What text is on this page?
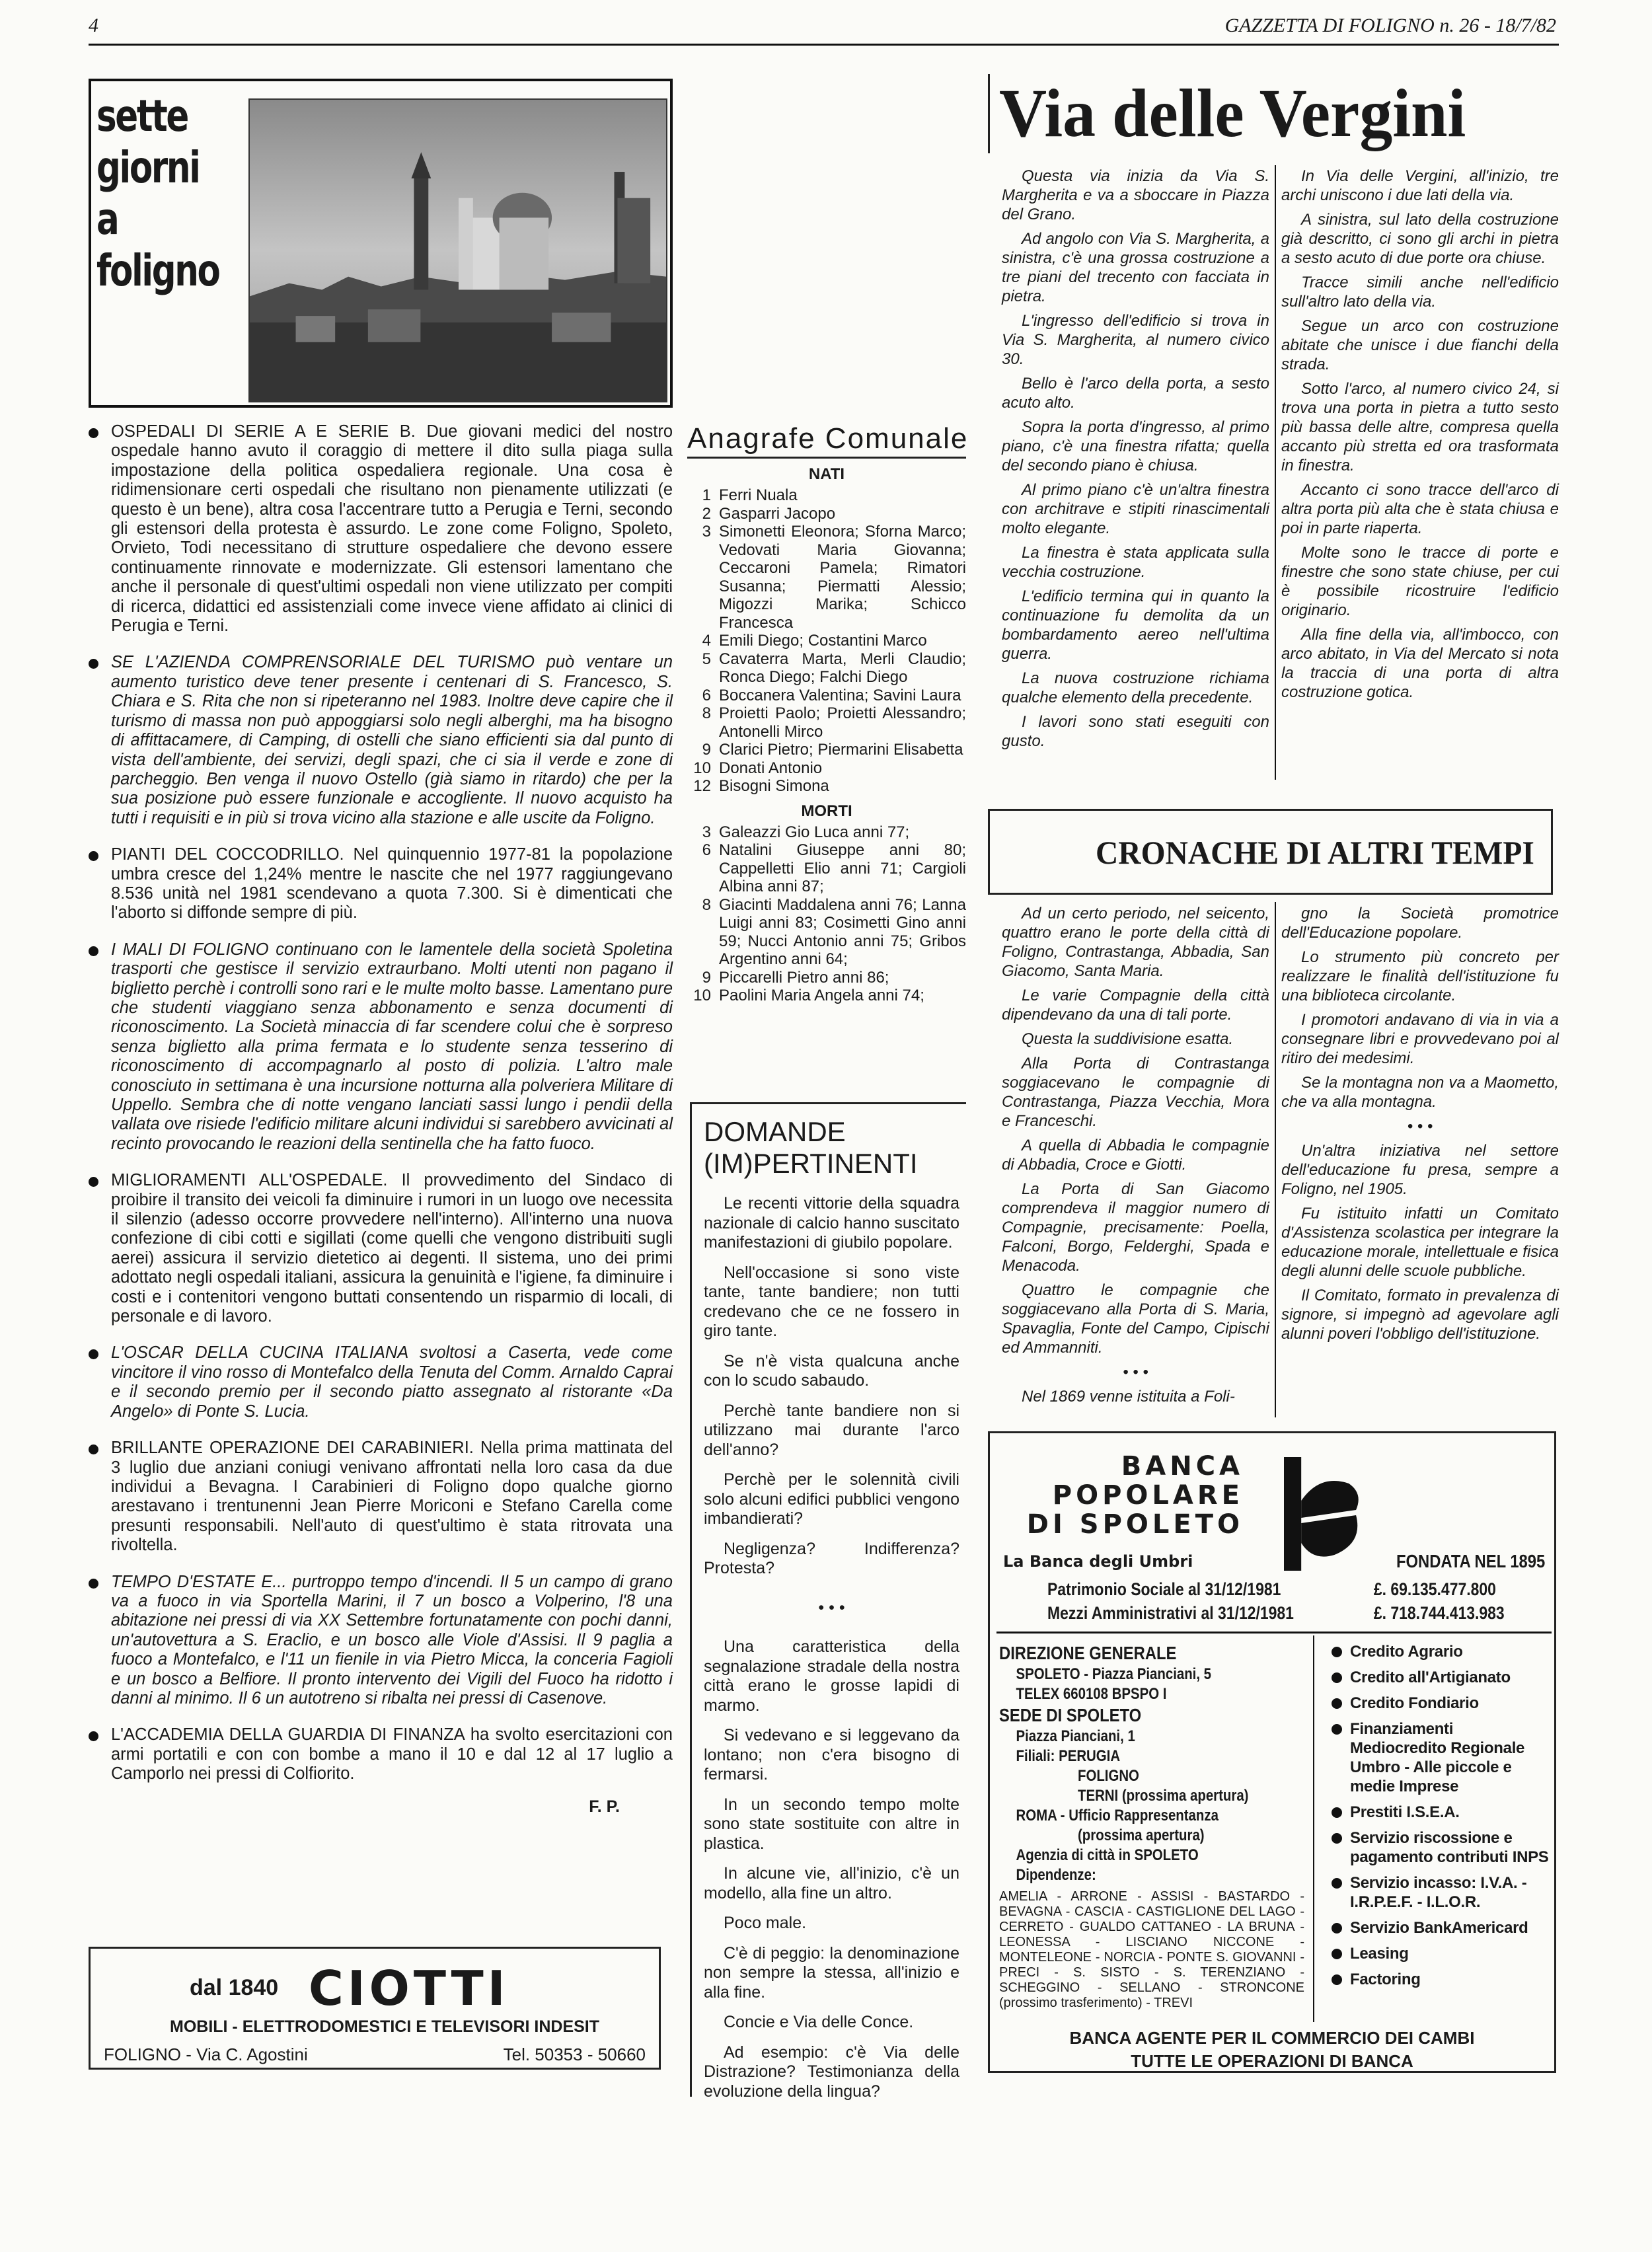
4	GAZZETTA DI FOLIGNO n. 26 - 18/7/82
sette
giorni
a
foligno

OSPEDALI DI SERIE A E SERIE B. Due giovani medici del nostro ospedale hanno avuto il coraggio di mettere il dito sulla piaga sulla impostazione della politica ospedaliera regionale. Una cosa è ridimensionare certi ospedali che risultano non pienamente utilizzati (e questo è un bene), altra cosa l'accentrare tutto a Perugia e Terni, secondo gli estensori della protesta è assurdo. Le zone come Foligno, Spoleto, Orvieto, Todi necessitano di strutture ospedaliere che devono essere continuamente rinnovate e modernizzate. Gli estensori lamentano che anche il personale di quest'ultimi ospedali non viene utilizzato per compiti di ricerca, didattici ed assistenziali come invece viene affidato ai clinici di Perugia e Terni.

SE L'AZIENDA COMPRENSORIALE DEL TURISMO può ventare un aumento turistico deve tener presente i centenari di S. Francesco, S. Chiara e S. Rita che non si ripeteranno nel 1983. Inoltre deve capire che il turismo di massa non può appoggiarsi solo negli alberghi, ma ha bisogno di affittacamere, di Camping, di ostelli che siano efficienti sia dal punto di vista dell'ambiente, dei servizi, degli spazi, che ci sia il verde e zone di parcheggio. Ben venga il nuovo Ostello (già siamo in ritardo) che per la sua posizione può essere funzionale e accogliente. Il nuovo acquisto ha tutti i requisiti e in più si trova vicino alla stazione e alle uscite da Foligno.

PIANTI DEL COCCODRILLO. Nel quinquennio 1977-81 la popolazione umbra cresce del 1,24% mentre le nascite che nel 1977 raggiungevano 8.536 unità nel 1981 scendevano a quota 7.300. Si è dimenticati che l'aborto si diffonde sempre di più.

I MALI DI FOLIGNO continuano con le lamentele della società Spoletina trasporti che gestisce il servizio extraurbano. Molti utenti non pagano il biglietto perchè i controlli sono rari e le multe molto basse. Lamentano pure che studenti viaggiano senza abbonamento e senza documenti di riconoscimento. La Società minaccia di far scendere colui che è sorpreso senza biglietto alla prima fermata e lo studente senza tesserino di riconoscimento di accompagnarlo al posto di polizia. L'altro male conosciuto in settimana è una incursione notturna alla polveriera Militare di Uppello. Sembra che di notte vengano lanciati sassi lungo i pendii della vallata ove risiede l'edificio militare alcuni individui si sarebbero avvicinati al recinto provocando le reazioni della sentinella che ha fatto fuoco.

MIGLIORAMENTI ALL'OSPEDALE. Il provvedimento del Sindaco di proibire il transito dei veicoli fa diminuire i rumori in un luogo ove necessita il silenzio (adesso occorre provvedere nell'interno). All'interno una nuova confezione di cibi cotti e sigillati (come quelli che vengono distribuiti sugli aerei) assicura il servizio dietetico ai degenti. Il sistema, uno dei primi adottato negli ospedali italiani, assicura la genuinità e l'igiene, fa diminuire i costi e i contenitori vengono buttati consentendo un risparmio di locali, di personale e di lavoro.

L'OSCAR DELLA CUCINA ITALIANA svoltosi a Caserta, vede come vincitore il vino rosso di Montefalco della Tenuta del Comm. Arnaldo Caprai e il secondo premio per il secondo piatto assegnato al ristorante «Da Angelo» di Ponte S. Lucia.

BRILLANTE OPERAZIONE DEI CARABINIERI. Nella prima mattinata del 3 luglio due anziani coniugi venivano affrontati nella loro casa da due individui a Bevagna. I Carabinieri di Foligno dopo qualche giorno arestavano i trentunenni Jean Pierre Moriconi e Stefano Carella come presunti responsabili. Nell'auto di quest'ultimo è stata ritrovata una rivoltella.

TEMPO D'ESTATE E... purtroppo tempo d'incendi. Il 5 un campo di grano va a fuoco in via Sportella Marini, il 7 un bosco a Volperino, l'8 una abitazione nei pressi di via XX Settembre fortunatamente con pochi danni, un'autovettura a S. Eraclio, e un bosco alle Viole d'Assisi. Il 9 paglia a fuoco a Montefalco, e l'11 un fienile in via Pietro Micca, la conceria Fagioli e un bosco a Belfiore. Il pronto intervento dei Vigili del Fuoco ha ridotto i danni al minimo. Il 6 un autotreno si ribalta nei pressi di Casenove.

L'ACCADEMIA DELLA GUARDIA DI FINANZA ha svolto esercitazioni con armi portatili e con con bombe a mano il 10 e dal 12 al 17 luglio a Camporlo nei pressi di Colfiorito.

F. P.
dal 1840 CIOTTI
MOBILI - ELETTRODOMESTICI E TELEVISORI INDESIT
FOLIGNO - Via C. Agostini	Tel. 50353 - 50660
Anagrafe Comunale
NATI
1 Ferri Nuala
2 Gasparri Jacopo
3 Simonetti Eleonora; Sforna Marco; Vedovati Maria Giovanna; Ceccaroni Pamela; Rimatori Susanna; Piermatti Alessio; Migozzi Marika; Schicco Francesca
4 Emili Diego; Costantini Marco
5 Cavaterra Marta, Merli Claudio; Ronca Diego; Falchi Diego
6 Boccanera Valentina; Savini Laura
8 Proietti Paolo; Proietti Alessandro; Antonelli Mirco
9 Clarici Pietro; Piermarini Elisabetta
10 Donati Antonio
12 Bisogni Simona
MORTI
3 Galeazzi Gio Luca anni 77;
6 Natalini Giuseppe anni 80; Cappelletti Elio anni 71; Cargioli Albina anni 87;
8 Giacinti Maddalena anni 76; Lanna Luigi anni 83; Cosimetti Gino anni 59; Nucci Antonio anni 75; Gribos Argentino anni 64;
9 Piccarelli Pietro anni 86;
10 Paolini Maria Angela anni 74;
DOMANDE
(IM)PERTINENTI

Le recenti vittorie della squadra nazionale di calcio hanno suscitato manifestazioni di giubilo popolare.

Nell'occasione si sono viste tante, tante bandiere; non tutti credevano che ce ne fossero in giro tante.

Se n'è vista qualcuna anche con lo scudo sabaudo.

Perchè tante bandiere non si utilizzano mai durante l'arco dell'anno?

Perchè per le solennità civili solo alcuni edifici pubblici vengono imbandierati?

Negligenza? Indifferenza? Protesta?

• • •

Una caratteristica della segnalazione stradale della nostra città erano le grosse lapidi di marmo.

Si vedevano e si leggevano da lontano; non c'era bisogno di fermarsi.

In un secondo tempo molte sono state sostituite con altre in plastica.

In alcune vie, all'inizio, c'è un modello, alla fine un altro.

Poco male.

C'è di peggio: la denominazione non sempre la stessa, all'inizio e alla fine.

Concie e Via delle Conce.

Ad esempio: c'è Via delle Distrazione? Testimonianza della evoluzione della lingua?

Via delle Vergini

Questa via inizia da Via S. Margherita e va a sboccare in Piazza del Grano.

Ad angolo con Via S. Margherita, a sinistra, c'è una grossa costruzione a tre piani del trecento con facciata in pietra.

L'ingresso dell'edificio si trova in Via S. Margherita, al numero civico 30.

Bello è l'arco della porta, a sesto acuto alto.

Sopra la porta d'ingresso, al primo piano, c'è una finestra rifatta; quella del secondo piano è chiusa.

Al primo piano c'è un'altra finestra con architrave e stipiti rinascimentali molto elegante.

La finestra è stata applicata sulla vecchia costruzione.

L'edificio termina qui in quanto la continuazione fu demolita da un bombardamento aereo nell'ultima guerra.

La nuova costruzione richiama qualche elemento della precedente.

I lavori sono stati eseguiti con gusto.

In Via delle Vergini, all'inizio, tre archi uniscono i due lati della via.

A sinistra, sul lato della costruzione già descritto, ci sono gli archi in pietra a sesto acuto di due porte ora chiuse.

Tracce simili anche nell'edificio sull'altro lato della via.

Segue un arco con costruzione abitate che unisce i due fianchi della strada.

Sotto l'arco, al numero civico 24, si trova una porta in pietra a tutto sesto più bassa delle altre, compresa quella accanto più stretta ed ora trasformata in finestra.

Accanto ci sono tracce dell'arco di altra porta più alta che è stata chiusa e poi in parte riaperta.

Molte sono le tracce di porte e finestre che sono state chiuse, per cui è possibile ricostruire l'edificio originario.

Alla fine della via, all'imbocco, con arco abitato, in Via del Mercato si nota la traccia di una porta di altra costruzione gotica.

CRONACHE DI ALTRI TEMPI

Ad un certo periodo, nel seicento, quattro erano le porte della città di Foligno, Contrastanga, Abbadia, San Giacomo, Santa Maria.

Le varie Compagnie della città dipendevano da una di tali porte.

Questa la suddivisione esatta.

Alla Porta di Contrastanga soggiacevano le compagnie di Contrastanga, Piazza Vecchia, Mora e Franceschi.

A quella di Abbadia le compagnie di Abbadia, Croce e Giotti.

La Porta di San Giacomo comprendeva il maggior numero di Compagnie, precisamente: Poella, Falconi, Borgo, Felderghi, Spada e Menacoda.

Quattro le compagnie che soggiacevano alla Porta di S. Maria, Spavaglia, Fonte del Campo, Cipischi ed Ammanniti.

• • •

Nel 1869 venne istituita a Foli-

gno la Società promotrice dell'Educazione popolare.

Lo strumento più concreto per realizzare le finalità dell'istituzione fu una biblioteca circolante.

I promotori andavano di via in via a consegnare libri e provvedevano poi al ritiro dei medesimi.

Se la montagna non va a Maometto, che va alla montagna.

• • •

Un'altra iniziativa nel settore dell'educazione fu presa, sempre a Foligno, nel 1905.

Fu istituito infatti un Comitato d'Assistenza scolastica per integrare la educazione morale, intellettuale e fisica degli alunni delle scuole pubbliche.

Il Comitato, formato in prevalenza di signore, si impegnò ad agevolare agli alunni poveri l'obbligo dell'istituzione.

BANCA
POPOLARE
DI SPOLETO
La Banca degli Umbri	FONDATA NEL 1895
Patrimonio Sociale al 31/12/1981	£. 69.135.477.800
Mezzi Amministrativi al 31/12/1981	£. 718.744.413.983
DIREZIONE GENERALE
SPOLETO - Piazza Pianciani, 5
TELEX 660108 BPSPO I
SEDE DI SPOLETO
Piazza Pianciani, 1
Filiali: PERUGIA
FOLIGNO
TERNI (prossima apertura)
ROMA - Ufficio Rappresentanza
(prossima apertura)
Agenzia di città in SPOLETO
Dipendenze:
AMELIA - ARRONE - ASSISI - BASTARDO - BEVAGNA - CASCIA - CASTIGLIONE DEL LAGO - CERRETO - GUALDO CATTANEO - LA BRUNA - LEONESSA - LISCIANO NICCONE - MONTELEONE - NORCIA - PONTE S. GIOVANNI - PRECI - S. SISTO - S. TERENZIANO - SCHEGGINO - SELLANO - STRONCONE (prossimo trasferimento) - TREVI
Credito Agrario
Credito all'Artigianato
Credito Fondiario
Finanziamenti Mediocredito Regionale Umbro - Alle piccole e medie Imprese
Prestiti I.S.E.A.
Servizio riscossione e pagamento contributi INPS
Servizio incasso: I.V.A. - I.R.P.E.F. - I.L.O.R.
Servizio BankAmericard
Leasing
Factoring
BANCA AGENTE PER IL COMMERCIO DEI CAMBI
TUTTE LE OPERAZIONI DI BANCA
